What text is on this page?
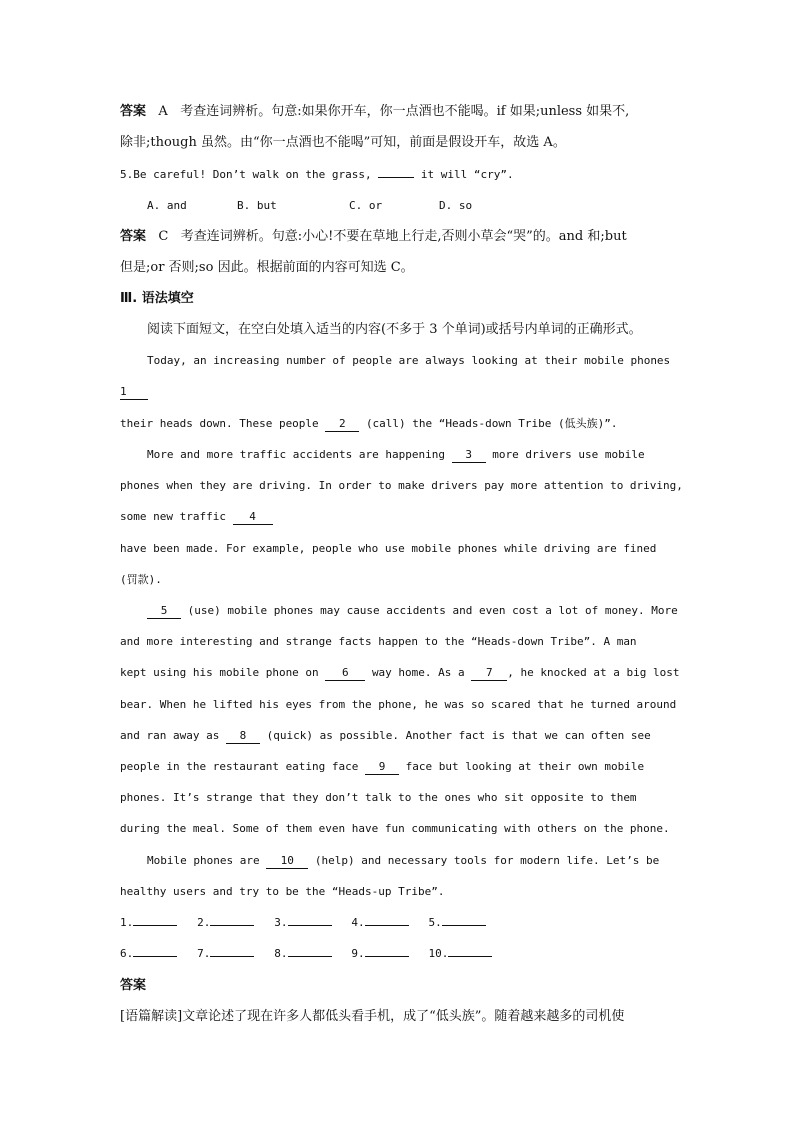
答案 A 考查连词辨析。句意:如果你开车，你一点酒也不能喝。if 如果;unless 如果不,
除非;though 虽然。由“你一点酒也不能喝”可知，前面是假设开车，故选 A。
5.Be careful! Don’t walk on the grass,	it will “cry”.
A. and	B. but	C. or	D. so
答案 C 考查连词辨析。句意:小心!不要在草地上行走,否则小草会“哭”的。and 和;but
但是;or 否则;so 因此。根据前面的内容可知选 C。
Ⅲ. 语法填空
阅读下面短文，在空白处填入适当的内容(不多于 3 个单词)或括号内单词的正确形式。
Today, an increasing number of people are always looking at their mobile phones
1
their heads down. These people 2 (call) the “Heads-down Tribe (低头族)”.
More and more traffic accidents are happening 3 more drivers use mobile
phones when they are driving. In order to make drivers pay more attention to driving,
some new traffic 4
have been made. For example, people who use mobile phones while driving are fined
(罚款).
5 (use) mobile phones may cause accidents and even cost a lot of money. More
and more interesting and strange facts happen to the “Heads-down Tribe”. A man
kept using his mobile phone on 6 way home. As a 7 , he knocked at a big lost
bear. When he lifted his eyes from the phone, he was so scared that he turned around
and ran away as 8 (quick) as possible. Another fact is that we can often see
people in the restaurant eating face 9 face but looking at their own mobile
phones. It’s strange that they don’t talk to the ones who sit opposite to them
during the meal. Some of them even have fun communicating with others on the phone.
Mobile phones are 10 (help) and necessary tools for modern life. Let’s be
healthy users and try to be the “Heads-up Tribe”.
1.	2.	3.	4.	5.
6.	7.	8.	9.	10.
答案
[语篇解读]文章论述了现在许多人都低头看手机，成了“低头族”。随着越来越多的司机使
